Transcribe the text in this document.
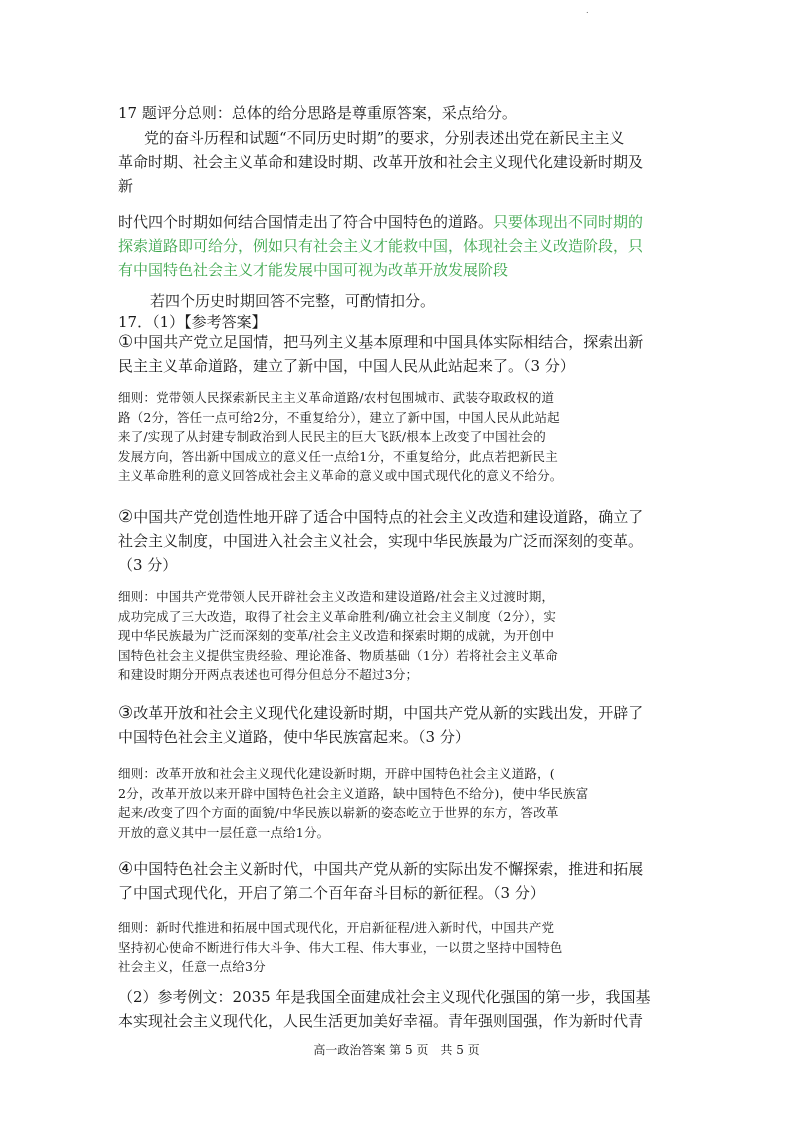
.
17 题评分总则：总体的给分思路是尊重原答案，采点给分。
党的奋斗历程和试题“不同历史时期”的要求，分别表述出党在新民主主义
革命时期、社会主义革命和建设时期、改革开放和社会主义现代化建设新时期及
新
时代四个时期如何结合国情走出了符合中国特色的道路。只要体现出不同时期的
探索道路即可给分，例如只有社会主义才能救中国，体现社会主义改造阶段，只
有中国特色社会主义才能发展中国可视为改革开放发展阶段
若四个历史时期回答不完整，可酌情扣分。
17．（1）【参考答案】
①中国共产党立足国情，把马列主义基本原理和中国具体实际相结合，探索出新
民主主义革命道路，建立了新中国，中国人民从此站起来了。（3 分）
细则：党带领人民探索新民主主义革命道路/农村包围城市、武装夺取政权的道
路（2分，答任一点可给2分，不重复给分），建立了新中国，中国人民从此站起
来了/实现了从封建专制政治到人民民主的巨大飞跃/根本上改变了中国社会的
发展方向，答出新中国成立的意义任一点给1分，不重复给分，此点若把新民主
主义革命胜利的意义回答成社会主义革命的意义或中国式现代化的意义不给分。
②中国共产党创造性地开辟了适合中国特点的社会主义改造和建设道路，确立了
社会主义制度，中国进入社会主义社会，实现中华民族最为广泛而深刻的变革。
（3 分）
细则：中国共产党带领人民开辟社会主义改造和建设道路/社会主义过渡时期，
成功完成了三大改造，取得了社会主义革命胜利/确立社会主义制度（2分），实
现中华民族最为广泛而深刻的变革/社会主义改造和探索时期的成就，为开创中
国特色社会主义提供宝贵经验、理论准备、物质基础（1分）若将社会主义革命
和建设时期分开两点表述也可得分但总分不超过3分；
③改革开放和社会主义现代化建设新时期，中国共产党从新的实践出发，开辟了
中国特色社会主义道路，使中华民族富起来。（3 分）
细则：改革开放和社会主义现代化建设新时期，开辟中国特色社会主义道路，(
2分，改革开放以来开辟中国特色社会主义道路，缺中国特色不给分)，使中华民族富
起来/改变了四个方面的面貌/中华民族以崭新的姿态屹立于世界的东方，答改革
开放的意义其中一层任意一点给1分。
④中国特色社会主义新时代，中国共产党从新的实际出发不懈探索，推进和拓展
了中国式现代化，开启了第二个百年奋斗目标的新征程。（3 分）
细则：新时代推进和拓展中国式现代化，开启新征程/进入新时代，中国共产党
坚持初心使命不断进行伟大斗争、伟大工程、伟大事业，一以贯之坚持中国特色
社会主义，任意一点给3分
（2）参考例文：2035 年是我国全面建成社会主义现代化强国的第一步，我国基
本实现社会主义现代化，人民生活更加美好幸福。青年强则国强，作为新时代青
高一政治答案 第 5 页　共 5 页
